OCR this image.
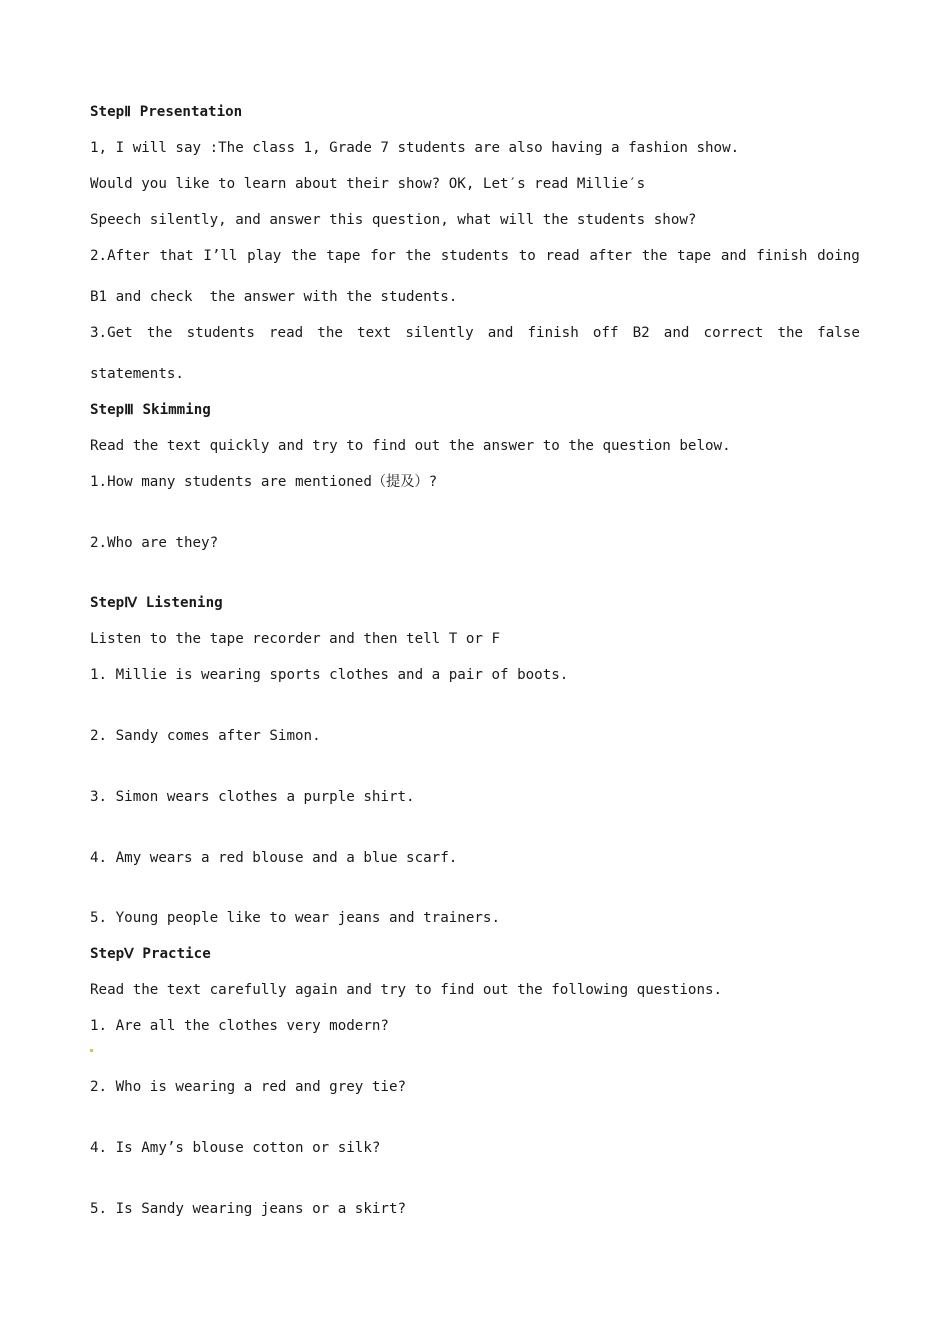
StepⅡ Presentation
1, I will say :The class 1, Grade 7 students are also having a fashion show.
Would you like to learn about their show? OK, Let′s read Millie′s
Speech silently, and answer this question, what will the students show?
2.After that I’ll play the tape for the students to read after the tape and finish doing
B1 and check  the answer with the students.
3.Get the students read the text silently and finish off B2 and correct the false
statements.
StepⅢ Skimming
Read the text quickly and try to find out the answer to the question below.
1.How many students are mentioned（提及）?
2.Who are they?
StepⅣ Listening
Listen to the tape recorder and then tell T or F
1. Millie is wearing sports clothes and a pair of boots.
2. Sandy comes after Simon.
3. Simon wears clothes a purple shirt.
4. Amy wears a red blouse and a blue scarf.
5. Young people like to wear jeans and trainers.
StepⅤ Practice
Read the text carefully again and try to find out the following questions.
1. Are all the clothes very modern?
2. Who is wearing a red and grey tie?
4. Is Amy’s blouse cotton or silk?
5. Is Sandy wearing jeans or a skirt?
